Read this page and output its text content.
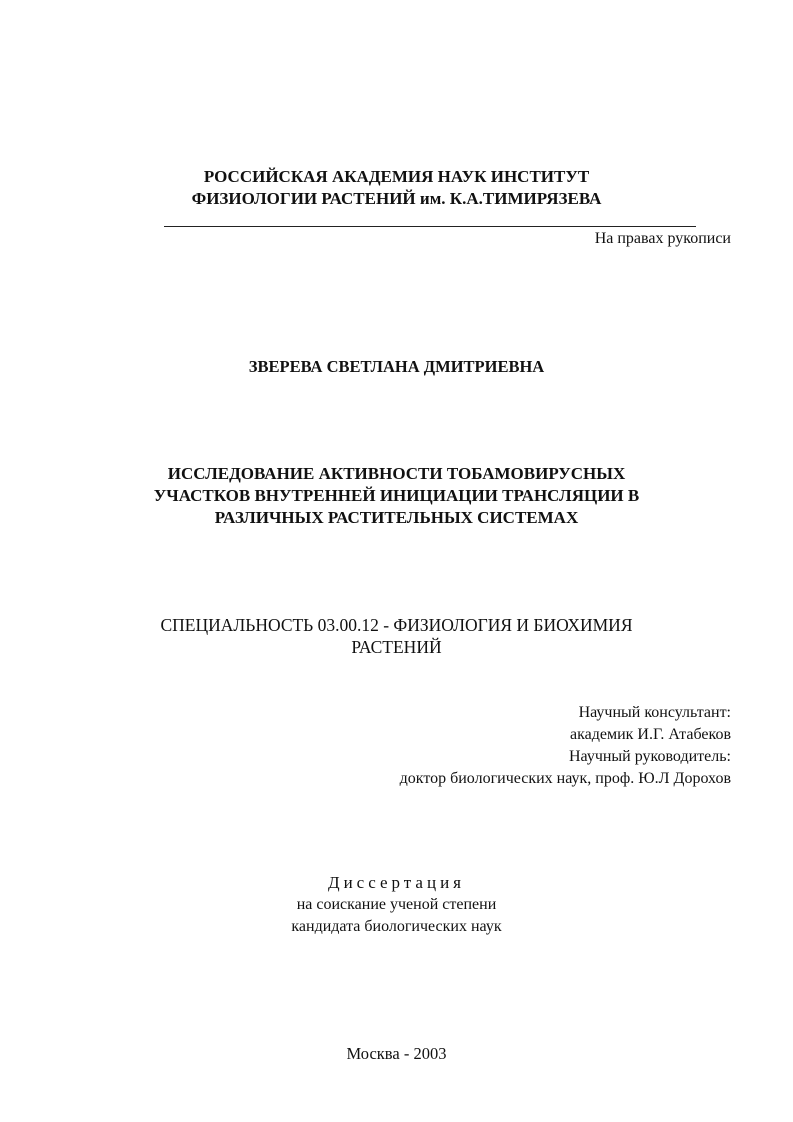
РОССИЙСКАЯ АКАДЕМИЯ НАУК ИНСТИТУТ
ФИЗИОЛОГИИ РАСТЕНИЙ им. К.А.ТИМИРЯЗЕВА
На правах рукописи
ЗВЕРЕВА СВЕТЛАНА ДМИТРИЕВНА
ИССЛЕДОВАНИЕ АКТИВНОСТИ ТОБАМОВИРУСНЫХ
УЧАСТКОВ ВНУТРЕННЕЙ ИНИЦИАЦИИ ТРАНСЛЯЦИИ В
РАЗЛИЧНЫХ РАСТИТЕЛЬНЫХ СИСТЕМАХ
СПЕЦИАЛЬНОСТЬ 03.00.12 - ФИЗИОЛОГИЯ И БИОХИМИЯ
РАСТЕНИЙ
Научный консультант:
академик И.Г. Атабеков
Научный руководитель:
доктор биологических наук, проф. Ю.Л Дорохов
Диссертация
на соискание ученой степени
кандидата биологических наук
Москва - 2003
